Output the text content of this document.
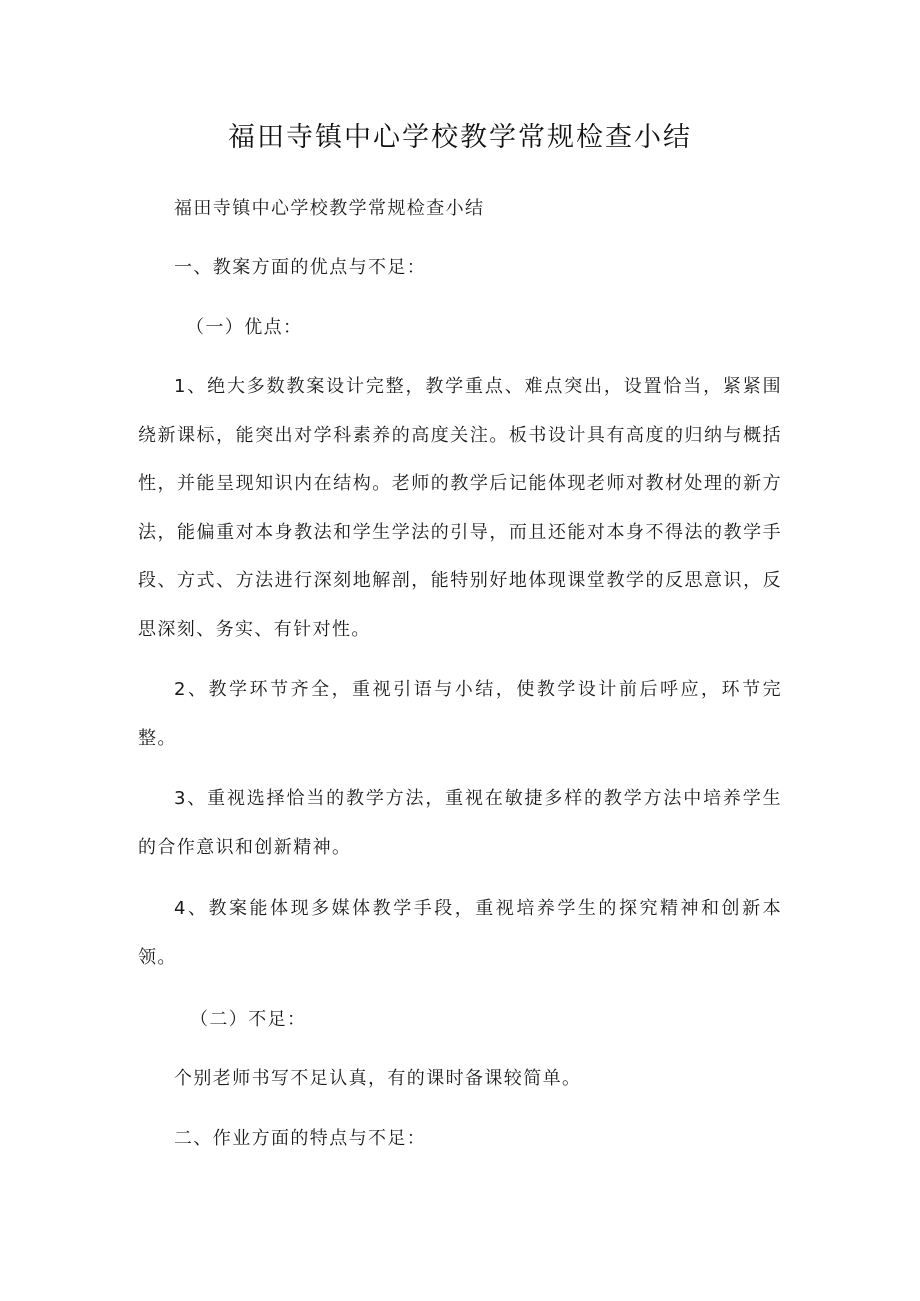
福田寺镇中心学校教学常规检查小结

福田寺镇中心学校教学常规检查小结

一、教案方面的优点与不足：

（一）优点：

1、绝大多数教案设计完整，教学重点、难点突出，设置恰当，紧紧围绕新课标，能突出对学科素养的高度关注。板书设计具有高度的归纳与概括性，并能呈现知识内在结构。老师的教学后记能体现老师对教材处理的新方法，能偏重对本身教法和学生学法的引导，而且还能对本身不得法的教学手段、方式、方法进行深刻地解剖，能特别好地体现课堂教学的反思意识，反思深刻、务实、有针对性。

2、教学环节齐全，重视引语与小结，使教学设计前后呼应，环节完整。

3、重视选择恰当的教学方法，重视在敏捷多样的教学方法中培养学生的合作意识和创新精神。

4、教案能体现多媒体教学手段，重视培养学生的探究精神和创新本领。

（二）不足：

个别老师书写不足认真，有的课时备课较简单。

二、作业方面的特点与不足：
